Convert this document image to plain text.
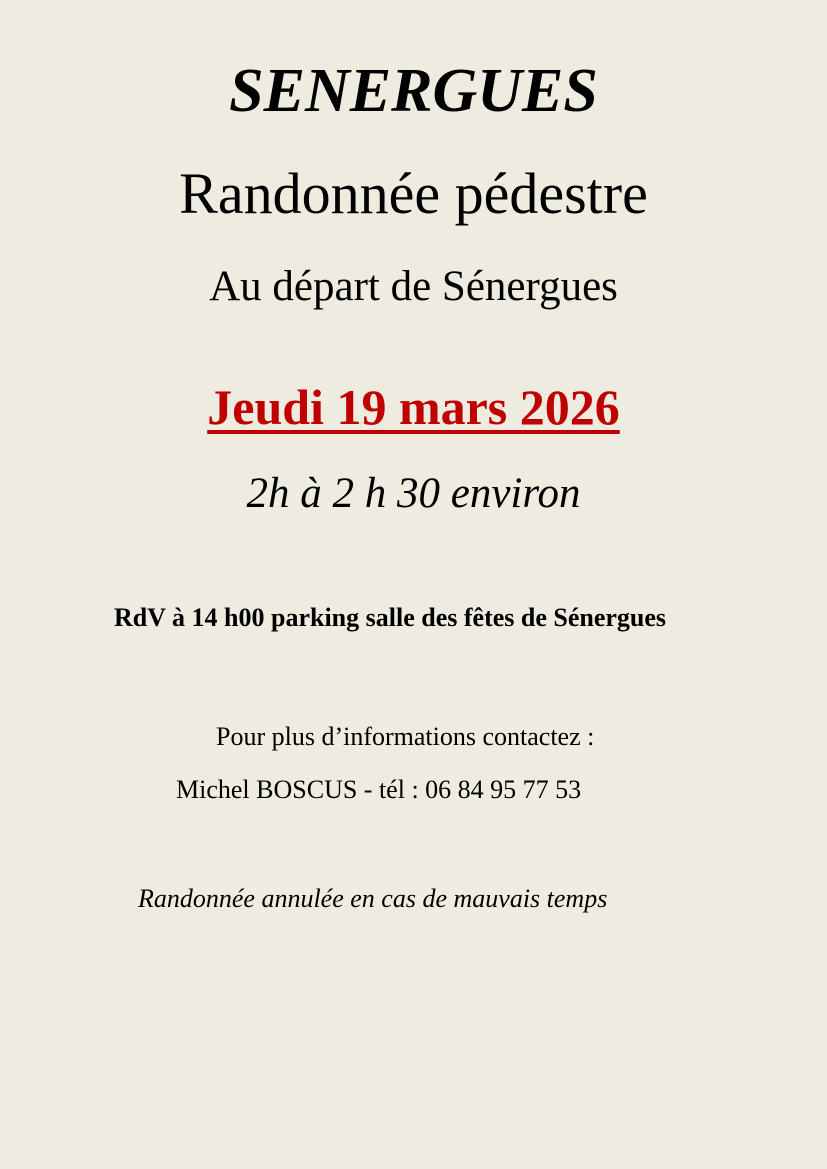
SENERGUES
Randonnée pédestre
Au départ de Sénergues
Jeudi 19 mars 2026
2h à 2 h 30 environ
RdV à 14 h00 parking salle des fêtes de Sénergues
Pour plus d’informations contactez :
Michel BOSCUS - tél : 06 84 95 77 53
Randonnée annulée en cas de mauvais temps
